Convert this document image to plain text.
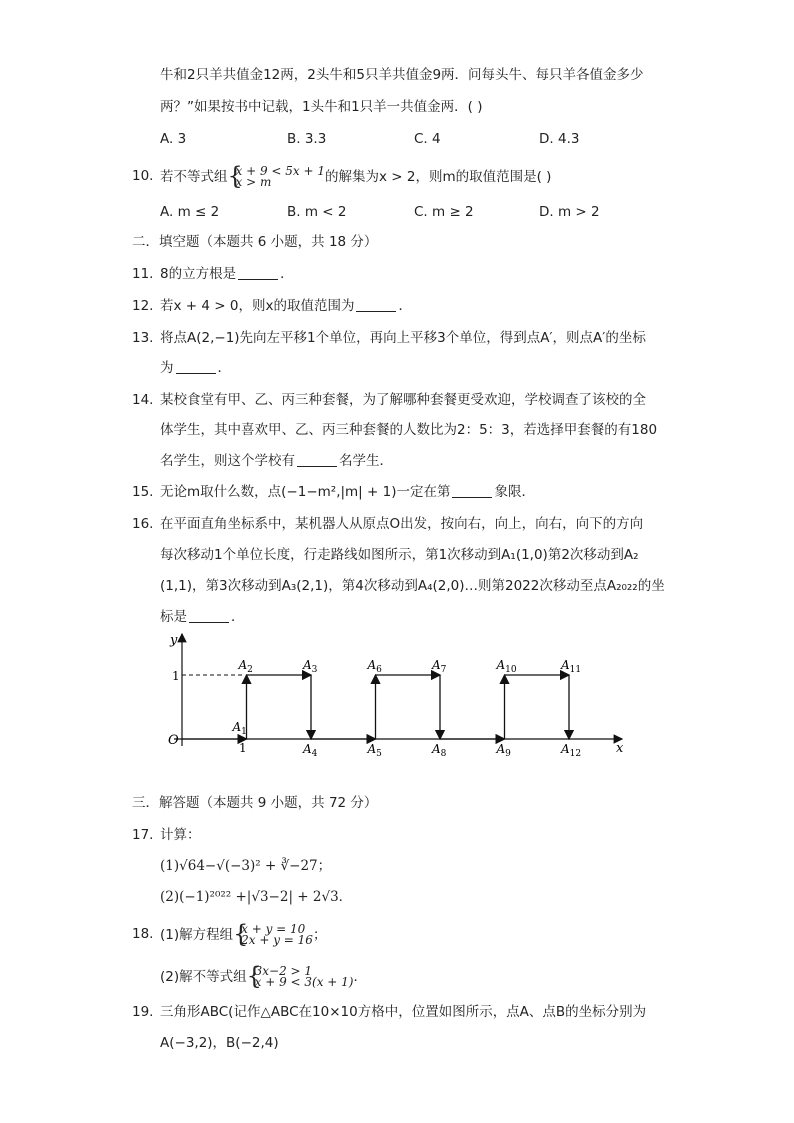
牛和2只羊共值金12两，2头牛和5只羊共值金9两．问每头牛、每只羊各值金多少
两？”如果按书中记载，1头牛和1只羊一共值金两．( )
A. 3	B. 3.3	C. 4	D. 4.3
10. 若不等式组 {
x + 9 < 5x + 1
x > m	的解集为x > 2，则m的取值范围是( )
A. m ≤ 2	B. m < 2	C. m ≥ 2	D. m > 2
二．填空题（本题共 6 小题，共 18 分）
11. 8的立方根是	．
12. 若x + 4 > 0，则x的取值范围为	．
13. 将点A(2,−1)先向左平移1个单位，再向上平移3个单位，得到点A′，则点A′的坐标
为	．
14. 某校食堂有甲、乙、丙三种套餐，为了解哪种套餐更受欢迎，学校调查了该校的全
体学生，其中喜欢甲、乙、丙三种套餐的人数比为2：5：3，若选择甲套餐的有180
名学生，则这个学校有	名学生．
15. 无论m取什么数，点(−1−m²,|m| + 1)一定在第	象限．
16. 在平面直角坐标系中，某机器人从原点O出发，按向右，向上，向右，向下的方向
每次移动1个单位长度，行走路线如图所示，第1次移动到A₁(1,0)第2次移动到A₂
(1,1)，第3次移动到A₃(2,1)，第4次移动到A₄(2,0)…则第2022次移动至点A₂₀₂₂的坐
标是	．
y
x
O
1
1
$A_1$
$A_2$	$A_3$
$A_4$	$A_5$
$A_6$	$A_7$
$A_8$	$A_9$
$A_{10}$	$A_{11}$
$A_{12}$
三．解答题（本题共 9 小题，共 72 分）
17. 计算：
(1)√64−√(−3)² + ∛−27；
(2)(−1)²⁰²² +|√3−2| + 2√3．
18. (1)解方程组 {
x + y = 10
2x + y = 16 ；
(2)解不等式组 {
3x−2 > 1
x + 9 < 3(x + 1) ．
19. 三角形ABC(记作△ABC在10×10方格中，位置如图所示，点A、点B的坐标分别为
A(−3,2)，B(−2,4)
